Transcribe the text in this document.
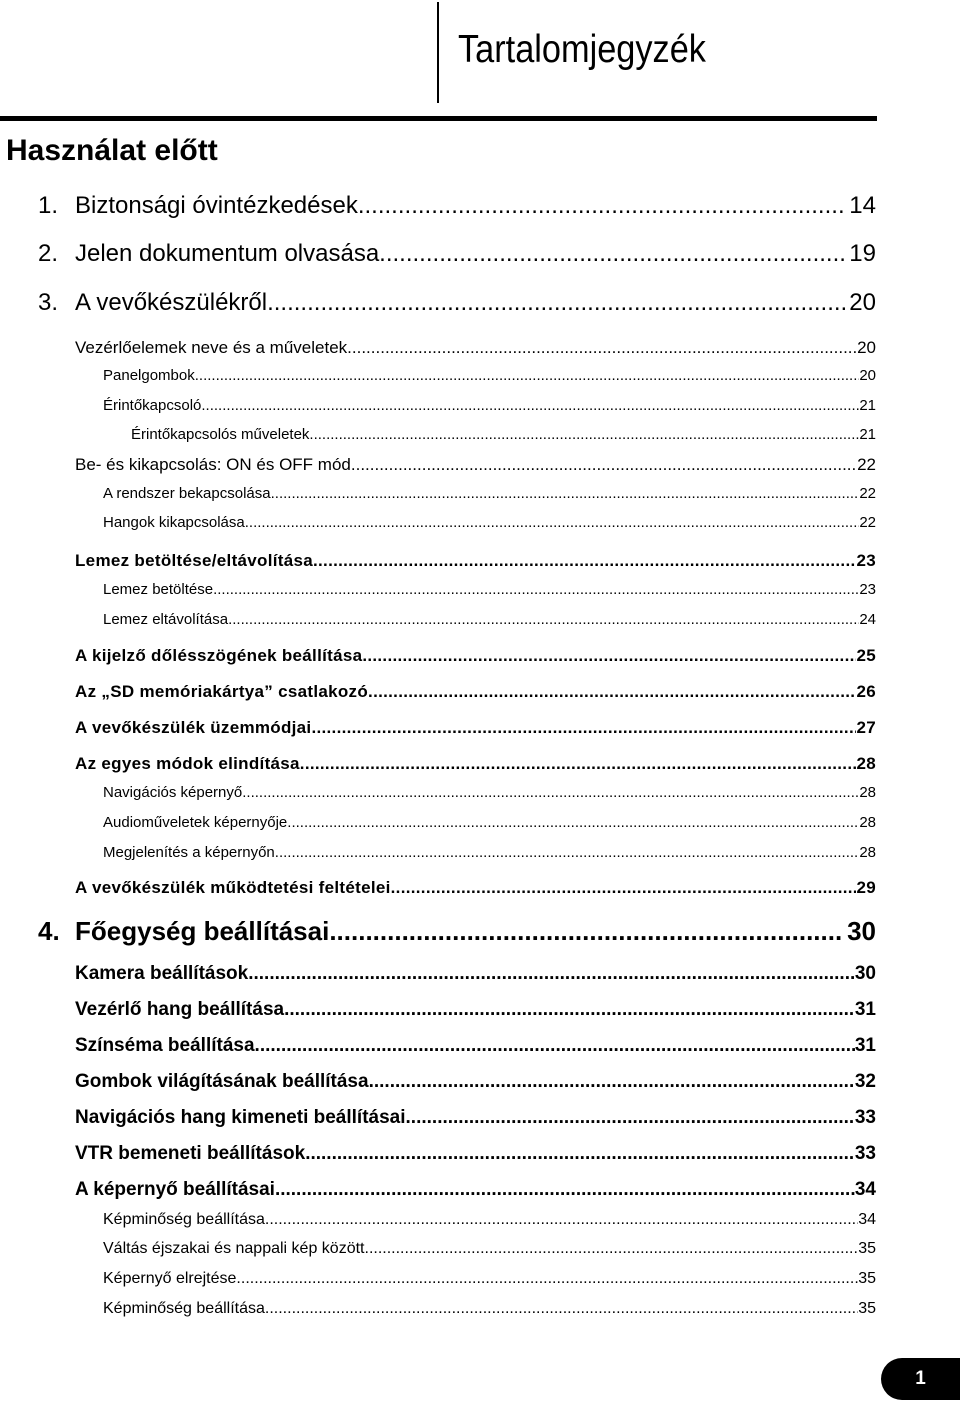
Tartalomjegyzék
Használat előtt
1. Biztonsági óvintézkedések .....	14
2. Jelen dokumentum olvasása. .....	19
3. A vevőkészülékről .....	20
Vezérlőelemek neve és a műveletek .....	20
Panelgombok .....	20
Érintőkapcsoló .....	21
Érintőkapcsolós műveletek .....	21
Be- és kikapcsolás: ON és OFF mód .....	22
A rendszer bekapcsolása .....	22
Hangok kikapcsolása .....	22
Lemez betöltése/eltávolítása .....	23
Lemez betöltése .....	23
Lemez eltávolítása .....	24
A kijelző dőlésszögének beállítása .....	25
Az „SD memóriakártya” csatlakozó. .....	26
A vevőkészülék üzemmódjai .....	27
Az egyes módok elindítása .....	28
Navigációs képernyő .....	28
Audioműveletek képernyője .....	28
Megjelenítés a képernyőn .....	28
A vevőkészülék működtetési feltételei .....	29
4. Főegység beállításai .....	30
Kamera beállítások .....	30
Vezérlő hang beállítása .....	31
Színséma beállítása .....	31
Gombok világításának beállítása .....	32
Navigációs hang kimeneti beállításai .....	33
VTR bemeneti beállítások .....	33
A képernyő beállításai .....	34
Képminőség beállítása .....	34
Váltás éjszakai és nappali kép között. .....	35
Képernyő elrejtése .....	35
Képminőség beállítása .....	35
1
